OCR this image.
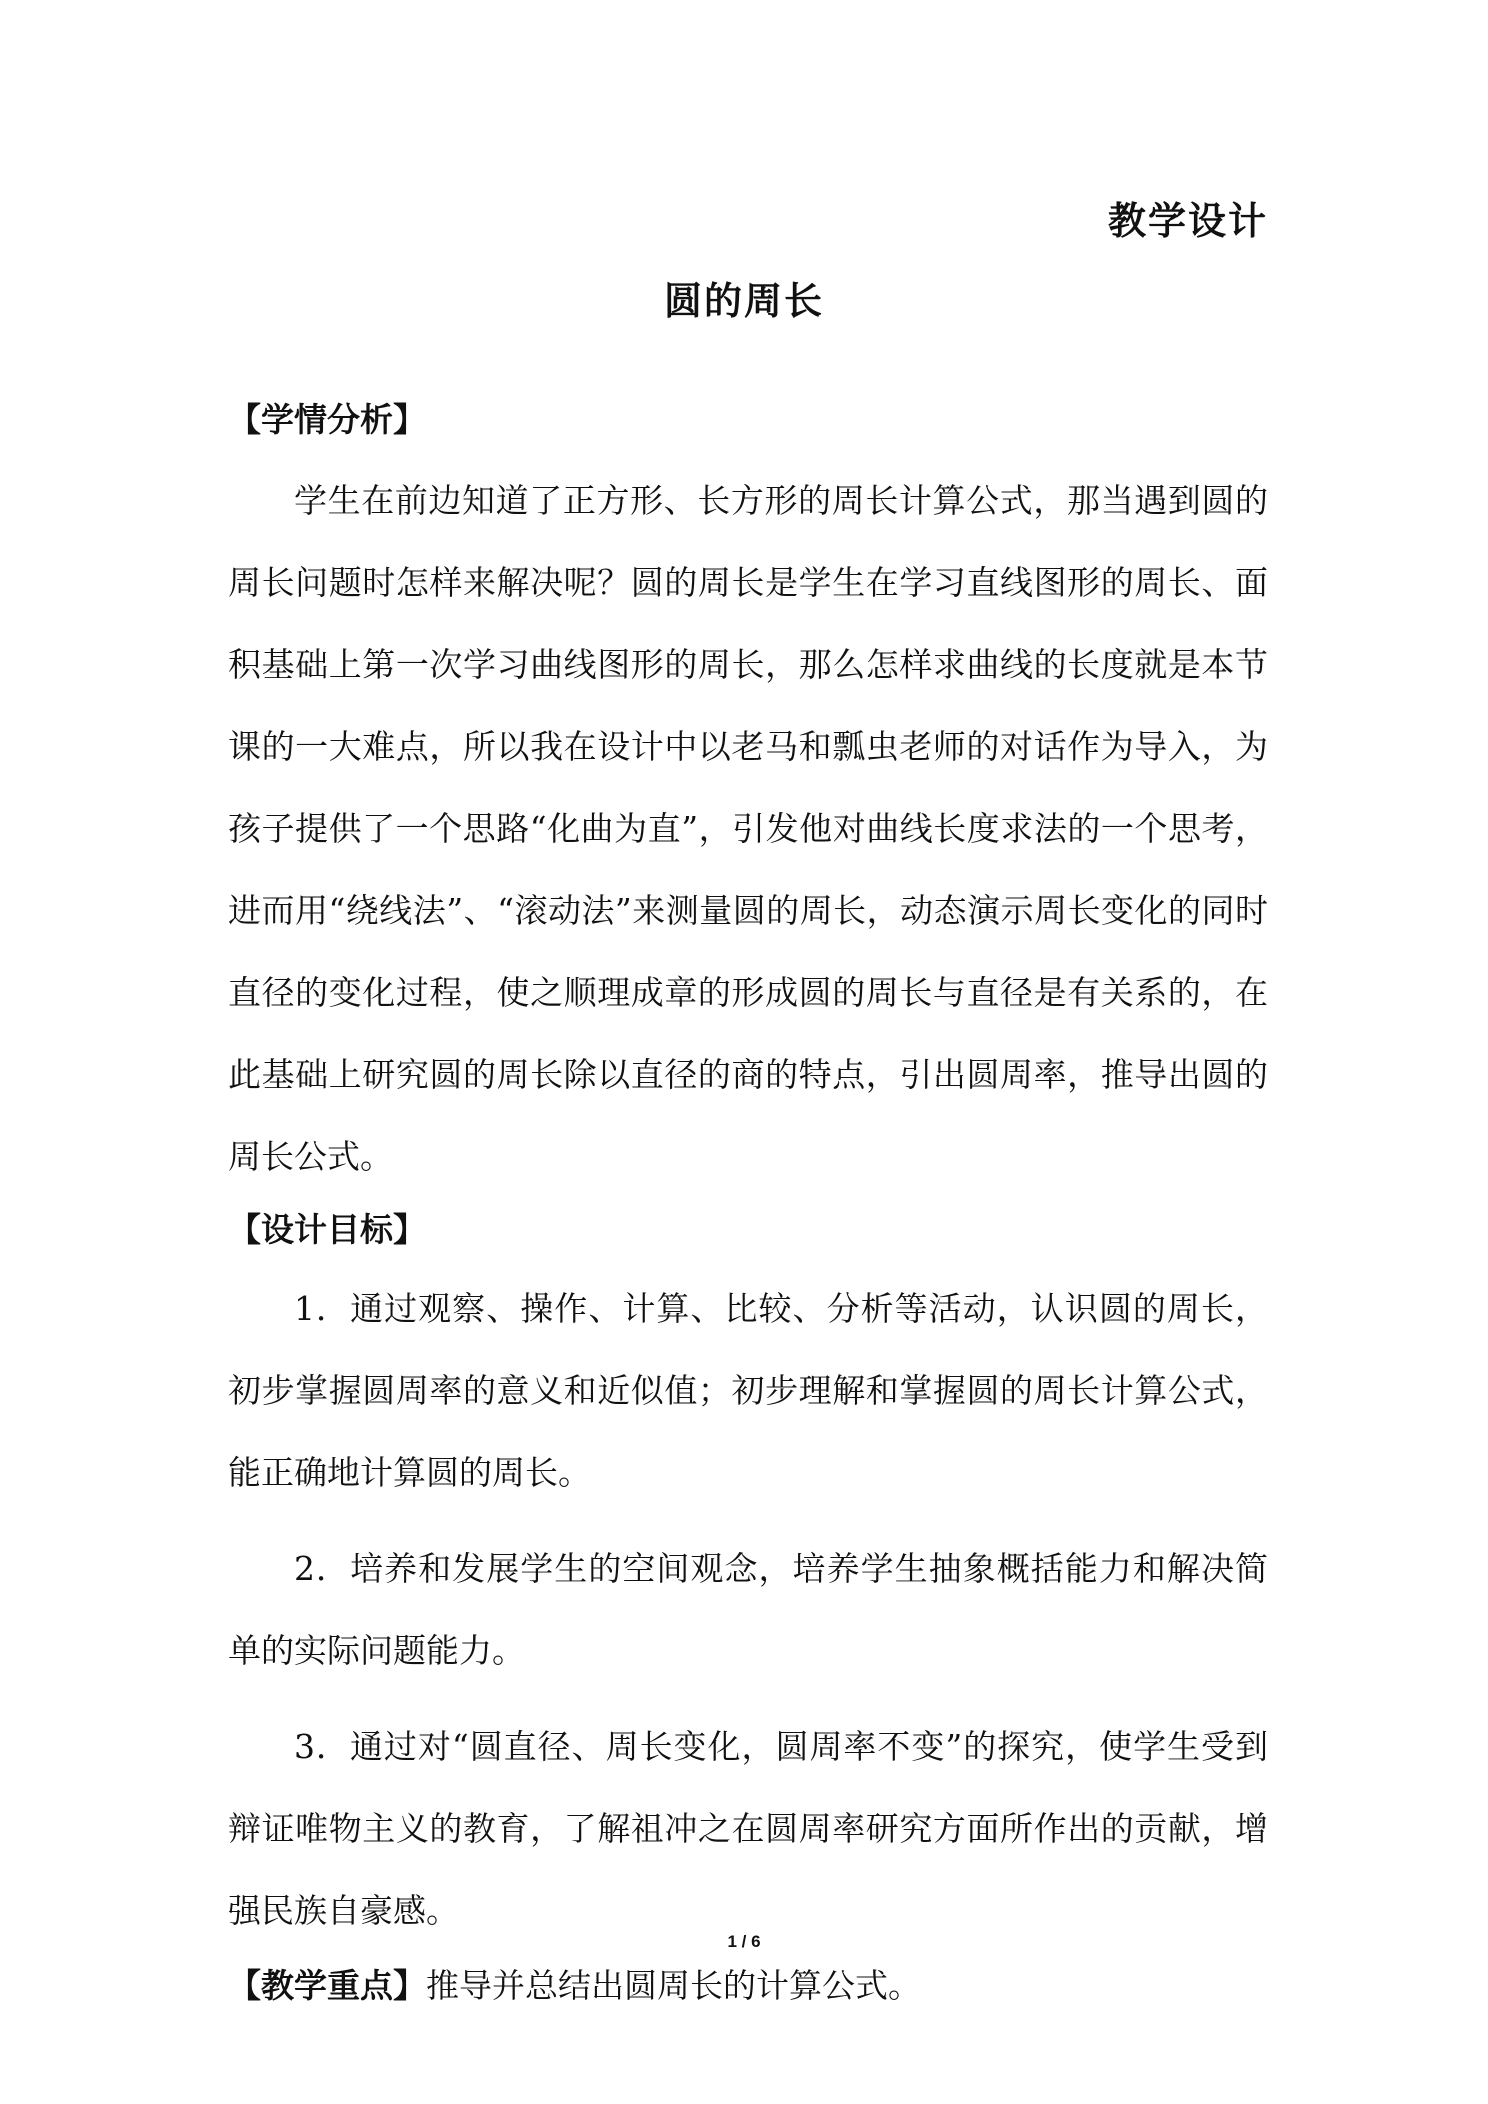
教学设计
圆的周长
【学情分析】

学生在前边知道了正方形、长方形的周长计算公式，那当遇到圆的周长问题时怎样来解决呢？圆的周长是学生在学习直线图形的周长、面积基础上第一次学习曲线图形的周长，那么怎样求曲线的长度就是本节课的一大难点，所以我在设计中以老马和瓢虫老师的对话作为导入，为孩子提供了一个思路“化曲为直”，引发他对曲线长度求法的一个思考，进而用“绕线法”、“滚动法”来测量圆的周长，动态演示周长变化的同时直径的变化过程，使之顺理成章的形成圆的周长与直径是有关系的，在此基础上研究圆的周长除以直径的商的特点，引出圆周率，推导出圆的周长公式。

【设计目标】

1．通过观察、操作、计算、比较、分析等活动，认识圆的周长，初步掌握圆周率的意义和近似值；初步理解和掌握圆的周长计算公式，能正确地计算圆的周长。

2．培养和发展学生的空间观念，培养学生抽象概括能力和解决简单的实际问题能力。

3．通过对“圆直径、周长变化，圆周率不变”的探究，使学生受到辩证唯物主义的教育，了解祖冲之在圆周率研究方面所作出的贡献，增强民族自豪感。

【教学重点】推导并总结出圆周长的计算公式。
1 / 6
